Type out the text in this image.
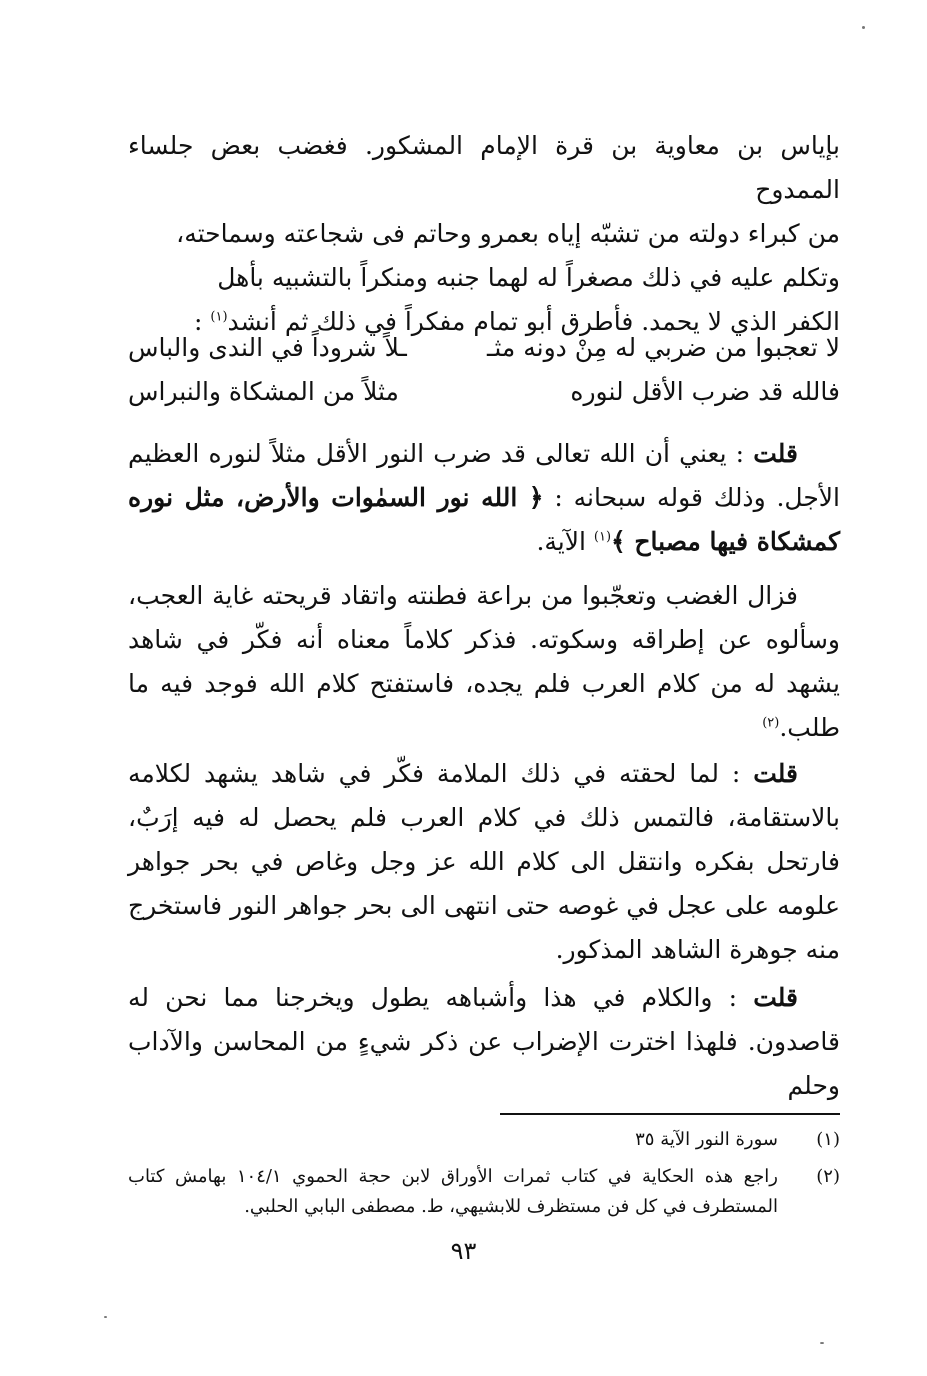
بإياس بن معاوية بن قرة الإمام المشكور. فغضب بعض جلساء الممدوح
من كبراء دولته من تشبّه إياه بعمرو وحاتم فى شجاعته وسماحته،
وتكلم عليه في ذلك مصغراً له لهما جنبه ومنكراً بالتشبيه بأهل
الكفر الذي لا يحمد. فأطرق أبو تمام مفكراً في ذلك ثم أنشد$^{(١)}$ :
لا تعجبوا من ضربي له مِنْ دونه مثـ
ـلاً شروداً في الندى والباس
فالله قد ضرب الأقل لنوره
مثلاً من المشكاة والنبراس

قلت : يعني أن الله تعالى قد ضرب النور الأقل مثلاً لنوره العظيم الأجل. وذلك قوله سبحانه : ﴿ الله نور السمٰوات والأرض، مثل نوره كمشكاة فيها مصباح ﴾$^{(١)}$ الآية.

فزال الغضب وتعجّبوا من براعة فطنته واتقاد قريحته غاية العجب، وسألوه عن إطراقه وسكوته. فذكر كلاماً معناه أنه فكّر في شاهد يشهد له من كلام العرب فلم يجده، فاستفتح كلام الله فوجد فيه ما طلب.$^{(٢)}$

قلت : لما لحقته في ذلك الملامة فكّر في شاهد يشهد لكلامه بالاستقامة، فالتمس ذلك في كلام العرب فلم يحصل له فيه إرَبٌ، فارتحل بفكره وانتقل الى كلام الله عز وجل وغاص في بحر جواهر علومه على عجل في غوصه حتى انتهى الى بحر جواهر النور فاستخرج منه جوهرة الشاهد المذكور.

قلت : والكلام في هذا وأشباهه يطول ويخرجنا مما نحن له قاصدون. فلهذا اخترت الإضراب عن ذكر شيءٍ من المحاسن والآداب وحلم

(١)
سورة النور الآية ٣٥
(٢)
راجع هذه الحكاية في كتاب ثمرات الأوراق لابن حجة الحموي ١٠٤/١ بهامش كتاب المستطرف في كل فن مستظرف للابشيهي، ط. مصطفى البابي الحلبي.
٩٣
